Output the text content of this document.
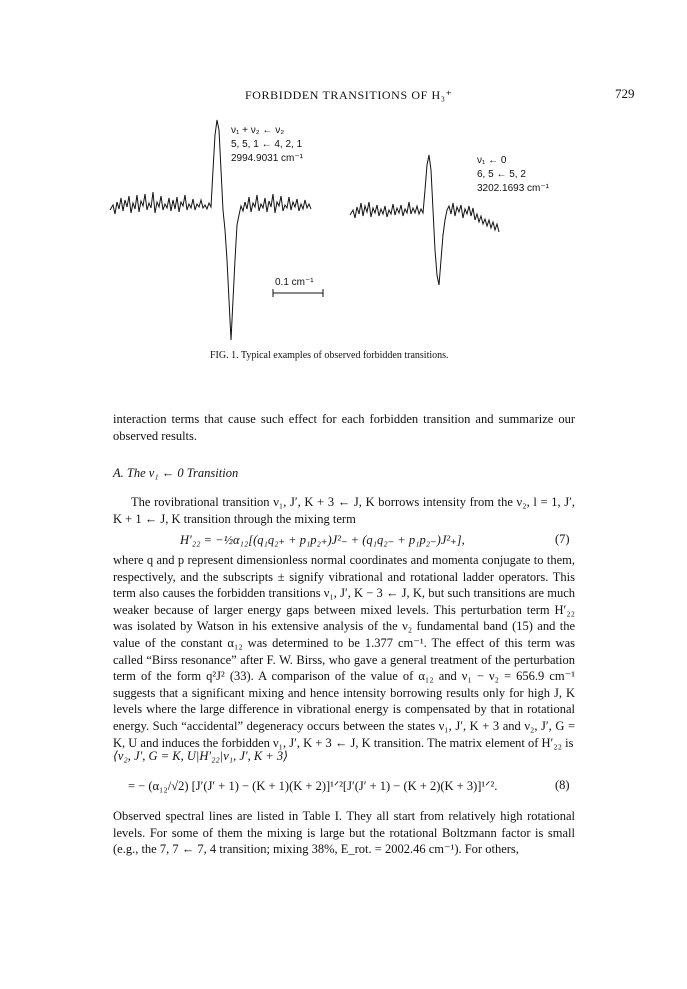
FORBIDDEN TRANSITIONS OF H₃⁺	729
ν₁ + ν₂ ← ν₂
5, 5, 1 ← 4, 2, 1
2994.9031 cm⁻¹	ν₁ ← 0
6, 5 ← 5, 2
3202.1693 cm⁻¹
0.1 cm⁻¹
FIG. 1. Typical examples of observed forbidden transitions.
interaction terms that cause such effect for each forbidden transition and summarize our observed results.
A. The ν₁ ← 0 Transition
The rovibrational transition ν₁, J′, K + 3 ← J, K borrows intensity from the ν₂, l = 1, J′, K + 1 ← J, K transition through the mixing term
H′₂₂ = −½α₁₂[(q₁q₂₊ + p₁p₂₊)J²₋ + (q₁q₂₋ + p₁p₂₋)J²₊],	(7)
where q and p represent dimensionless normal coordinates and momenta conjugate to them, respectively, and the subscripts ± signify vibrational and rotational ladder operators. This term also causes the forbidden transitions ν₁, J′, K − 3 ← J, K, but such transitions are much weaker because of larger energy gaps between mixed levels. This perturbation term H′₂₂ was isolated by Watson in his extensive analysis of the ν₂ fundamental band (15) and the value of the constant α₁₂ was determined to be 1.377 cm⁻¹. The effect of this term was called “Birss resonance” after F. W. Birss, who gave a general treatment of the perturbation term of the form q²J² (33). A comparison of the value of α₁₂ and ν₁ − ν₂ = 656.9 cm⁻¹ suggests that a significant mixing and hence intensity borrowing results only for high J, K levels where the large difference in vibrational energy is compensated by that in rotational energy. Such “accidental” degeneracy occurs between the states ν₁, J′, K + 3 and ν₂, J′, G = K, U and induces the forbidden ν₁, J′, K + 3 ← J, K transition. The matrix element of H′₂₂ is
⟨ν₂, J′, G = K, U|H′₂₂|ν₁, J′, K + 3⟩
= − (α₁₂/√2) [J′(J′ + 1) − (K + 1)(K + 2)]¹ᐟ²[J′(J′ + 1) − (K + 2)(K + 3)]¹ᐟ².	(8)
Observed spectral lines are listed in Table I. They all start from relatively high rotational levels. For some of them the mixing is large but the rotational Boltzmann factor is small (e.g., the 7, 7 ← 7, 4 transition; mixing 38%, E_rot. = 2002.46 cm⁻¹). For others,
